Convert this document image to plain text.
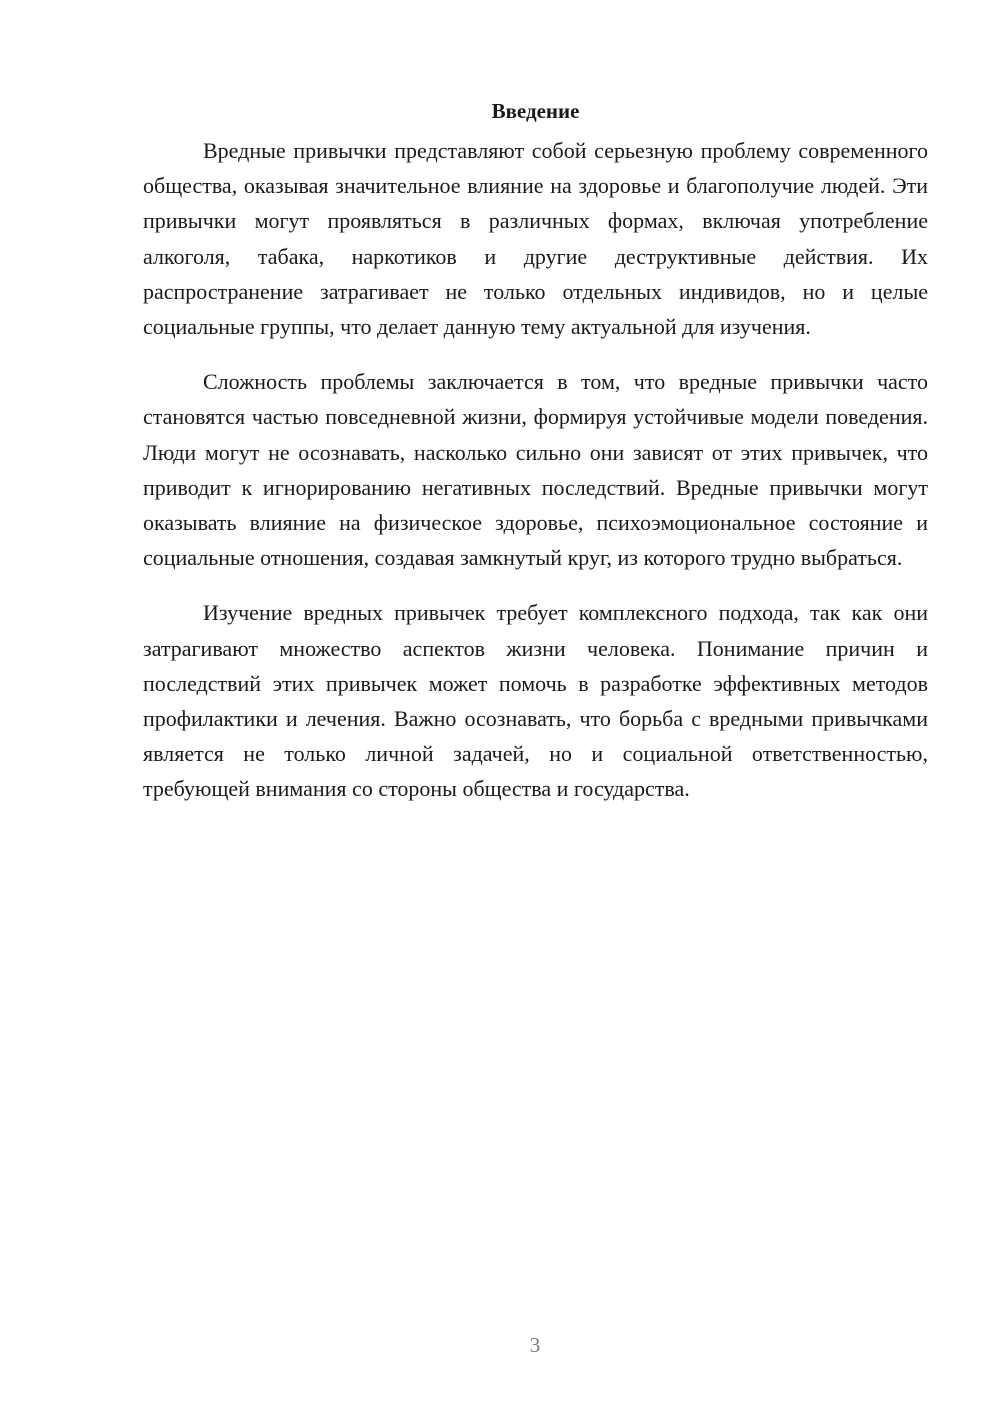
Введение

Вредные привычки представляют собой серьезную проблему современного общества, оказывая значительное влияние на здоровье и благополучие людей. Эти привычки могут проявляться в различных формах, включая употребление алкоголя, табака, наркотиков и другие деструктивные действия. Их распространение затрагивает не только отдельных индивидов, но и целые социальные группы, что делает данную тему актуальной для изучения.

Сложность проблемы заключается в том, что вредные привычки часто становятся частью повседневной жизни, формируя устойчивые модели поведения. Люди могут не осознавать, насколько сильно они зависят от этих привычек, что приводит к игнорированию негативных последствий. Вредные привычки могут оказывать влияние на физическое здоровье, психоэмоциональное состояние и социальные отношения, создавая замкнутый круг, из которого трудно выбраться.

Изучение вредных привычек требует комплексного подхода, так как они затрагивают множество аспектов жизни человека. Понимание причин и последствий этих привычек может помочь в разработке эффективных методов профилактики и лечения. Важно осознавать, что борьба с вредными привычками является не только личной задачей, но и социальной ответственностью, требующей внимания со стороны общества и государства.

3
